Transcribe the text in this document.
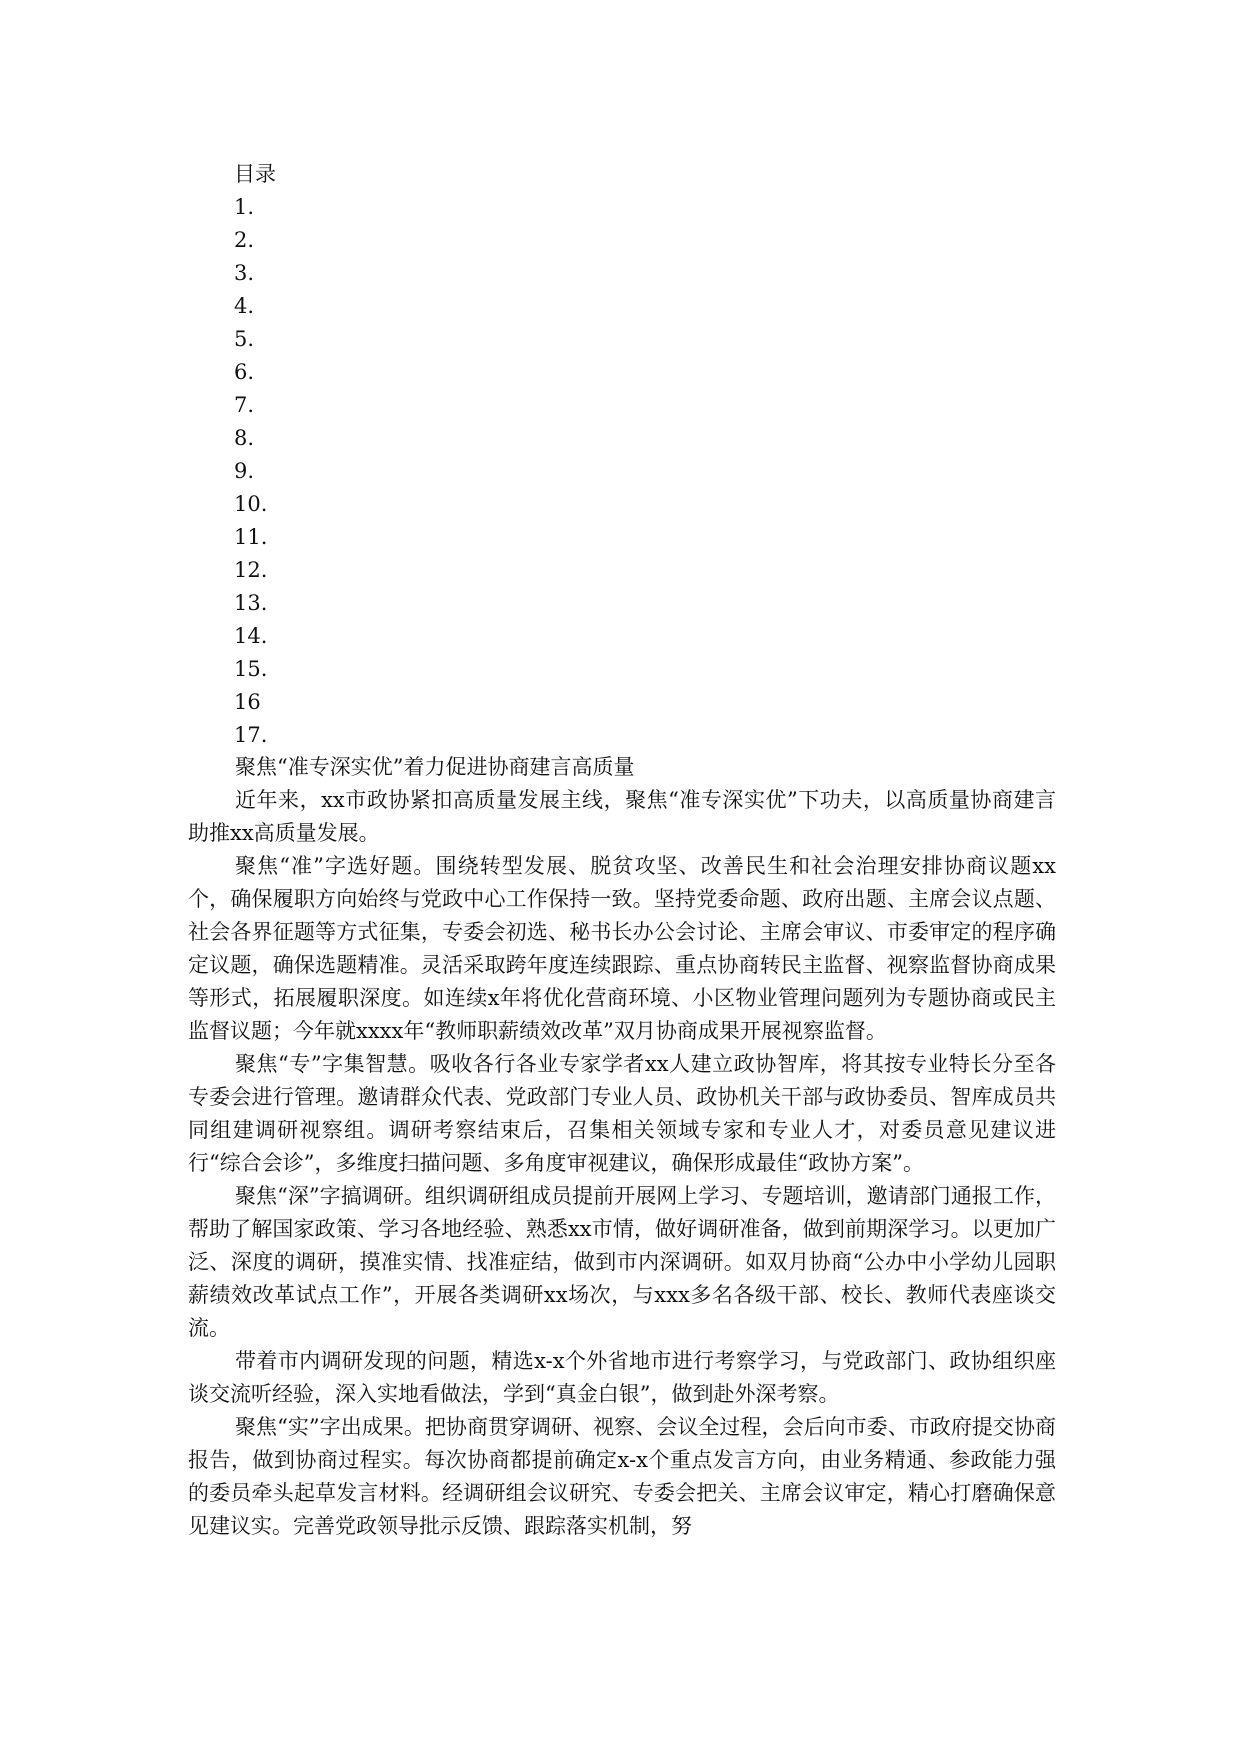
目录
1.
2.
3.
4.
5.
6.
7.
8.
9.
10.
11.
12.
13.
14.
15.
16
17.

聚焦“准专深实优”着力促进协商建言高质量

近年来，xx市政协紧扣高质量发展主线，聚焦“准专深实优”下功夫，以高质量协商建言助推xx高质量发展。

聚焦“准”字选好题。围绕转型发展、脱贫攻坚、改善民生和社会治理安排协商议题xx个，确保履职方向始终与党政中心工作保持一致。坚持党委命题、政府出题、主席会议点题、社会各界征题等方式征集，专委会初选、秘书长办公会讨论、主席会审议、市委审定的程序确定议题，确保选题精准。灵活采取跨年度连续跟踪、重点协商转民主监督、视察监督协商成果等形式，拓展履职深度。如连续x年将优化营商环境、小区物业管理问题列为专题协商或民主监督议题；今年就xxxx年“教师职薪绩效改革”双月协商成果开展视察监督。

聚焦“专”字集智慧。吸收各行各业专家学者xx人建立政协智库，将其按专业特长分至各专委会进行管理。邀请群众代表、党政部门专业人员、政协机关干部与政协委员、智库成员共同组建调研视察组。调研考察结束后，召集相关领域专家和专业人才，对委员意见建议进行“综合会诊”，多维度扫描问题、多角度审视建议，确保形成最佳“政协方案”。

聚焦“深”字搞调研。组织调研组成员提前开展网上学习、专题培训，邀请部门通报工作，帮助了解国家政策、学习各地经验、熟悉xx市情，做好调研准备，做到前期深学习。以更加广泛、深度的调研，摸准实情、找准症结，做到市内深调研。如双月协商“公办中小学幼儿园职薪绩效改革试点工作”，开展各类调研xx场次，与xxx多名各级干部、校长、教师代表座谈交流。

带着市内调研发现的问题，精选x-x个外省地市进行考察学习，与党政部门、政协组织座谈交流听经验，深入实地看做法，学到“真金白银”，做到赴外深考察。

聚焦“实”字出成果。把协商贯穿调研、视察、会议全过程，会后向市委、市政府提交协商报告，做到协商过程实。每次协商都提前确定x-x个重点发言方向，由业务精通、参政能力强的委员牵头起草发言材料。经调研组会议研究、专委会把关、主席会议审定，精心打磨确保意见建议实。完善党政领导批示反馈、跟踪落实机制，努
